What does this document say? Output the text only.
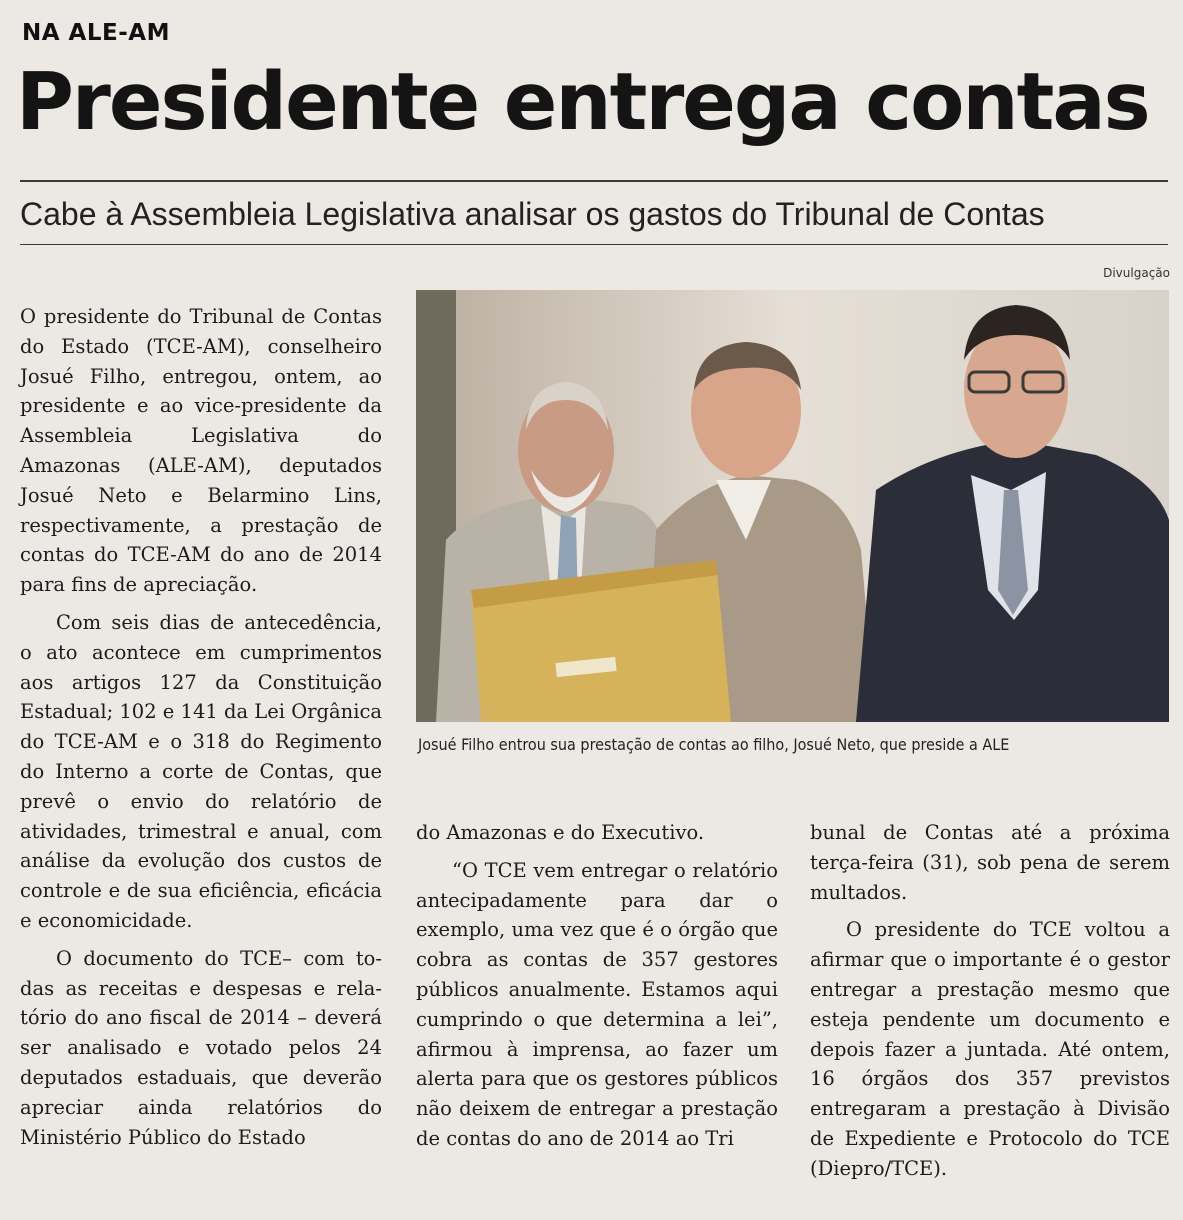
NA ALE-AM
Presidente entrega contas
Cabe à Assembleia Legislativa analisar os gastos do Tribunal de Contas
Divulgação
Josué Filho entrou sua prestação de contas ao filho, Josué Neto, que preside a ALE

O presidente do Tribunal de Contas do Estado (TCE-AM), conselheiro Josué Filho, entregou, ontem, ao presidente e ao vice-presidente da Assembleia Legislativa do Amazonas (ALE-AM), deputados Josué Neto e Belarmino Lins, respectivamente, a prestação de contas do TCE-AM do ano de 2014 para fins de apreciação.

Com seis dias de antecedência, o ato acontece em cumprimentos aos artigos 127 da Constituição Estadual; 102 e 141 da Lei Orgânica do TCE-AM e o 318 do Regimento do Interno a corte de Contas, que prevê o envio do relatório de atividades, trimestral e anual, com análise da evolução dos custos de controle e de sua eficiência, eficácia e economicidade.

O documento do TCE– com todas as receitas e despesas e relatório do ano fiscal de 2014 – deverá ser analisado e votado pelos 24 deputados estaduais, que deverão apreciar ainda relatórios do Ministério Público do Estado

do Amazonas e do Executivo.

“O TCE vem entregar o relatório antecipadamente para dar o exemplo, uma vez que é o órgão que cobra as contas de 357 gestores públicos anualmente. Estamos aqui cumprindo o que determina a lei”, afirmou à imprensa, ao fazer um alerta para que os gestores públicos não deixem de entregar a prestação de contas do ano de 2014 ao Tri

bunal de Contas até a próxima terça-feira (31), sob pena de serem multados.

O presidente do TCE voltou a afirmar que o importante é o gestor entregar a prestação mesmo que esteja pendente um documento e depois fazer a juntada. Até ontem, 16 órgãos dos 357 previstos entregaram a prestação à Divisão de Expediente e Protocolo do TCE (Diepro/TCE).
